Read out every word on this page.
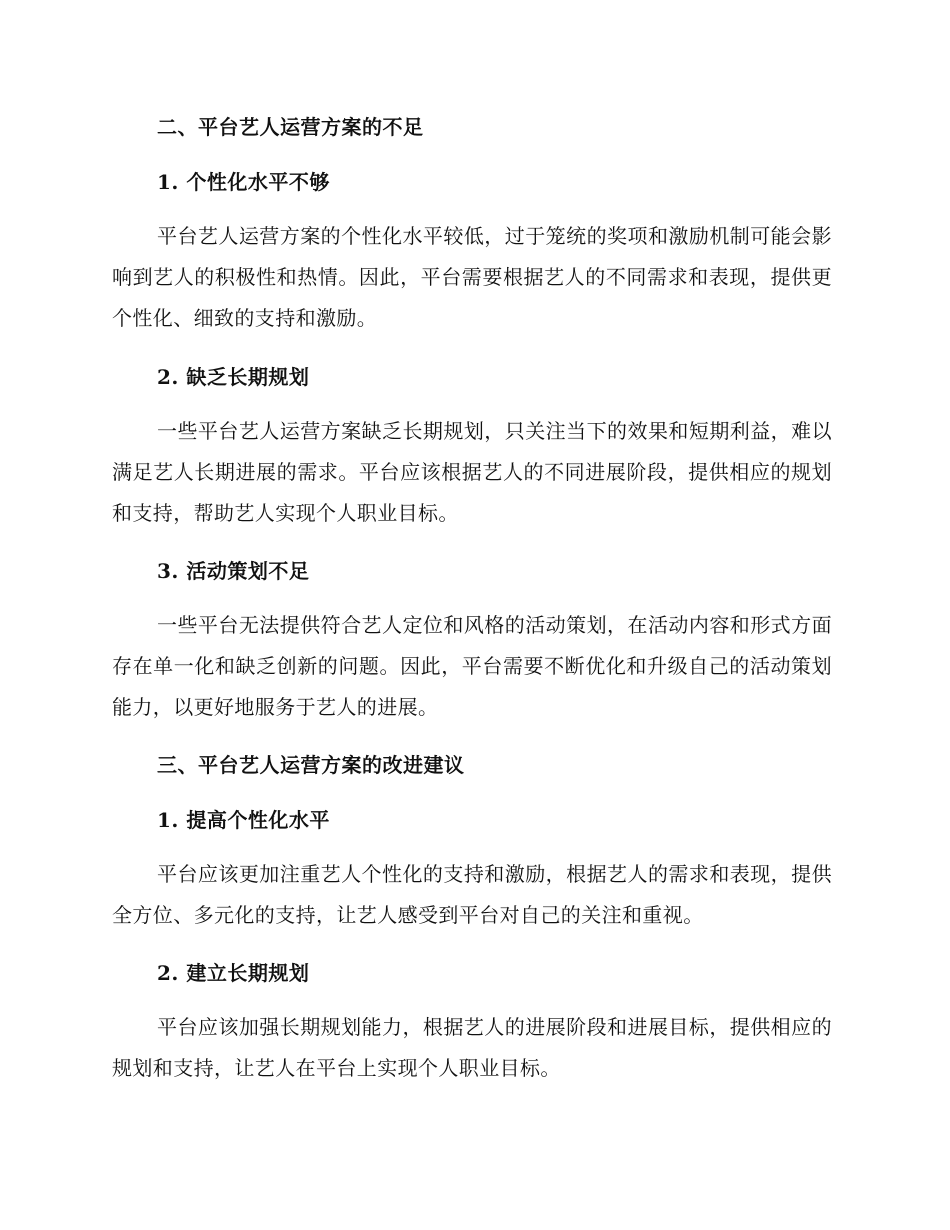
二、平台艺人运营方案的不足
1. 个性化水平不够
平台艺人运营方案的个性化水平较低，过于笼统的奖项和激励机制可能会影响到艺人的积极性和热情。因此，平台需要根据艺人的不同需求和表现，提供更个性化、细致的支持和激励。
2. 缺乏长期规划
一些平台艺人运营方案缺乏长期规划，只关注当下的效果和短期利益，难以满足艺人长期进展的需求。平台应该根据艺人的不同进展阶段，提供相应的规划和支持，帮助艺人实现个人职业目标。
3. 活动策划不足
一些平台无法提供符合艺人定位和风格的活动策划，在活动内容和形式方面存在单一化和缺乏创新的问题。因此，平台需要不断优化和升级自己的活动策划能力，以更好地服务于艺人的进展。
三、平台艺人运营方案的改进建议
1. 提高个性化水平
平台应该更加注重艺人个性化的支持和激励，根据艺人的需求和表现，提供全方位、多元化的支持，让艺人感受到平台对自己的关注和重视。
2. 建立长期规划
平台应该加强长期规划能力，根据艺人的进展阶段和进展目标，提供相应的规划和支持，让艺人在平台上实现个人职业目标。
